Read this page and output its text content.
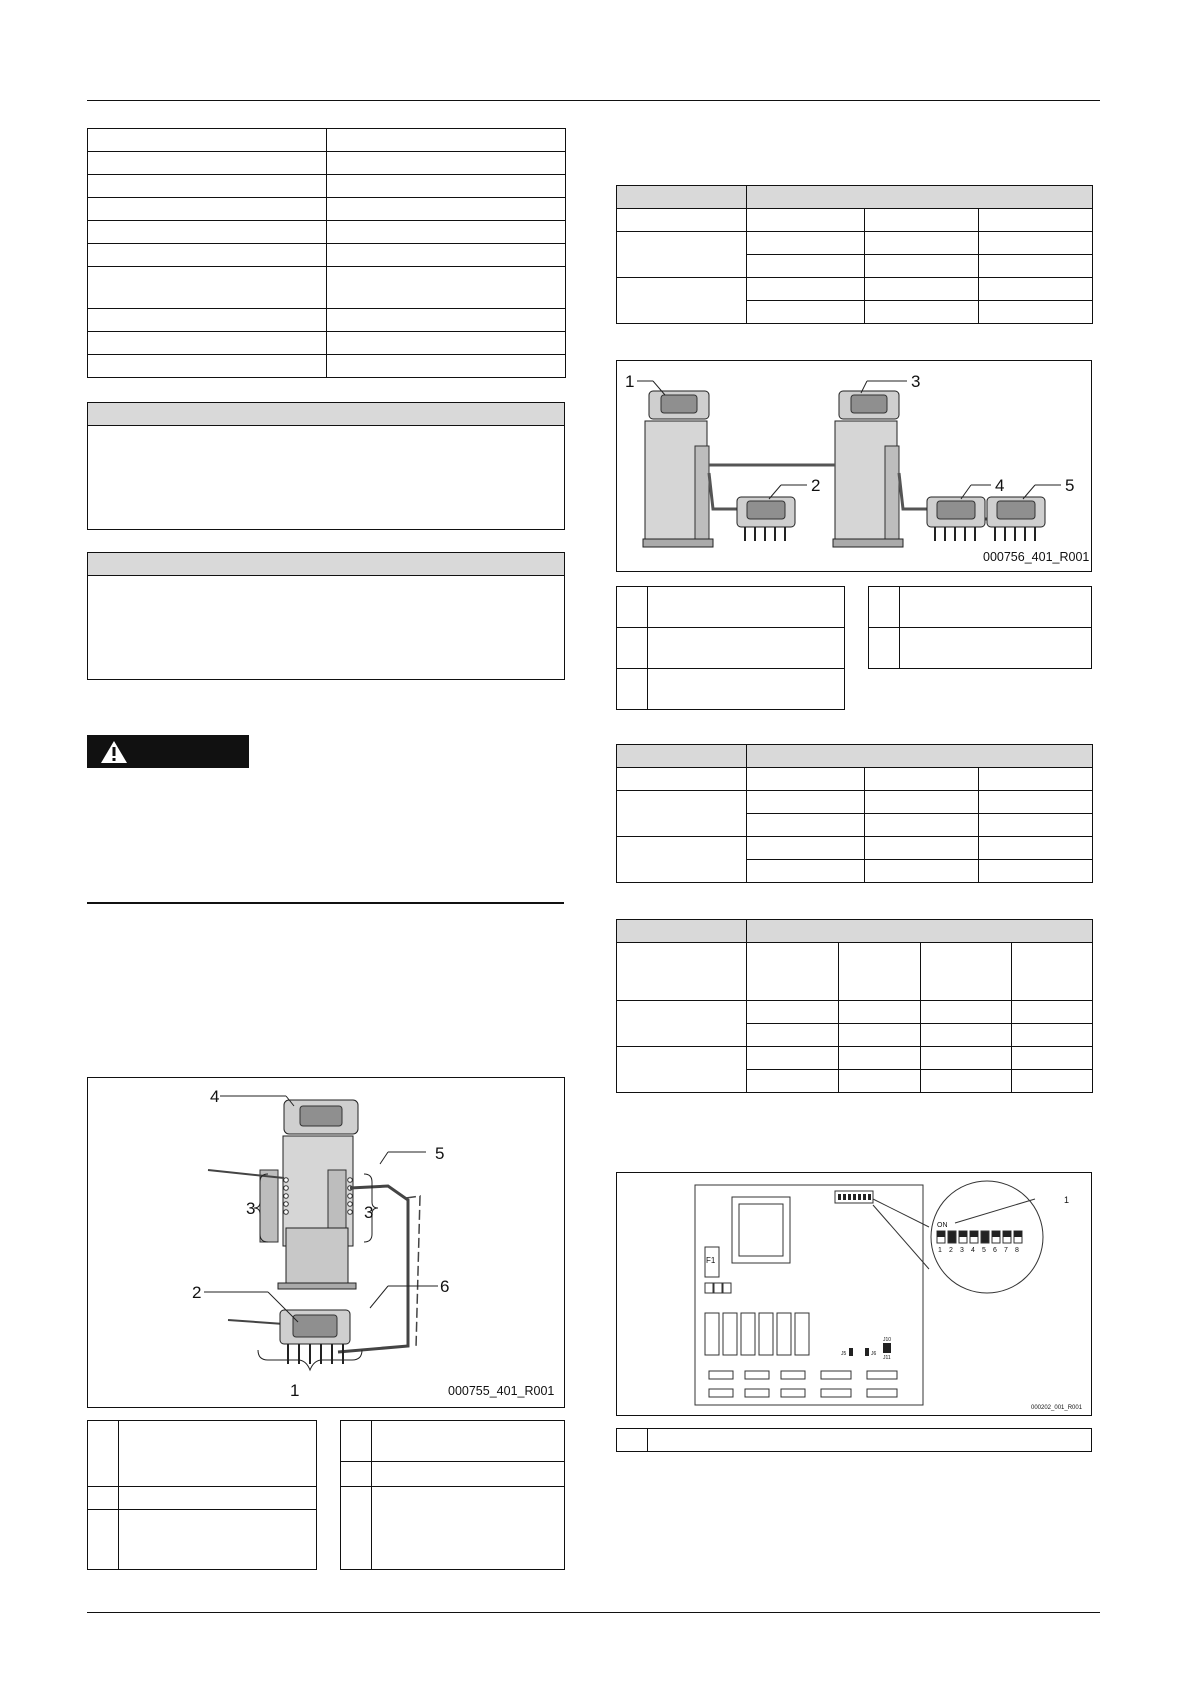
4
5
3	3
2	6
1	000755_401_R001

1	3
2	4	5
000756_401_R001

F1
J5	J6
J10
J11
ON
1 2 3 4 5 6 7 8
1
000202_001_R001
